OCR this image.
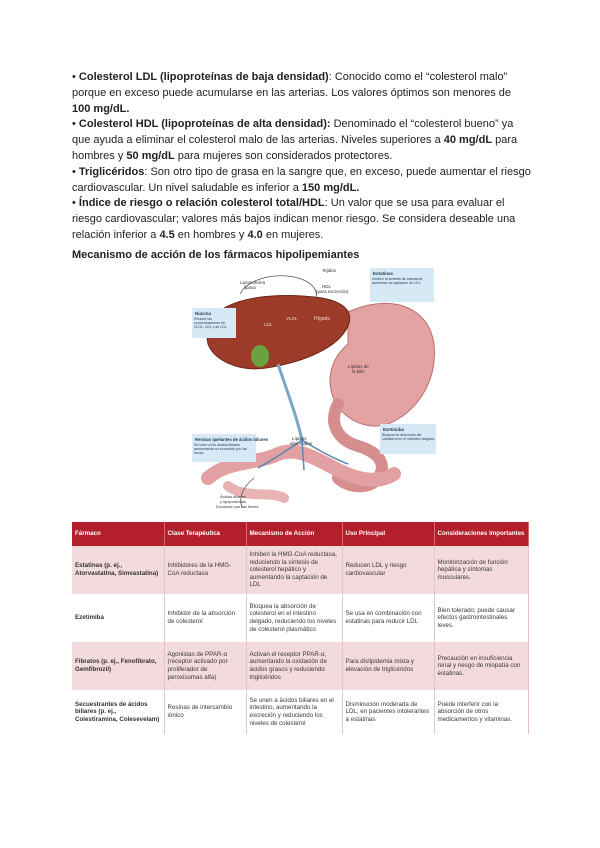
• Colesterol LDL (lipoproteínas de baja densidad): Conocido como el “colesterol malo” porque en exceso puede acumularse en las arterias. Los valores óptimos son menores de 100 mg/dL.

• Colesterol HDL (lipoproteínas de alta densidad): Denominado el “colesterol bueno” ya que ayuda a eliminar el colesterol malo de las arterias. Niveles superiores a 40 mg/dL para hombres y 50 mg/dL para mujeres son considerados protectores.

• Triglicéridos: Son otro tipo de grasa en la sangre que, en exceso, puede aumentar el riesgo cardiovascular. Un nivel saludable es inferior a 150 mg/dL.

• Índice de riesgo o relación colesterol total/HDL: Un valor que se usa para evaluar el riesgo cardiovascular; valores más bajos indican menor riesgo. Se considera deseable una relación inferior a 4.5 en hombres y 4.0 en mujeres.

Mecanismo de acción de los fármacos hipolipemiantes
Tejidos
Lipoproteína
lipasa	HDL
(para excreción)
Hígado
LDL
VLDL
Lípidos de
la bilis
Lípidos
absorbidos
Ácidos biliares
y lipoproteínas
Excreción por las heces
Estatinas
Inhiben la síntesis de colesterol; aumentan la captación de LDL
Niacina
Reduce las concentraciones de VLDL, LDL y de LDL
Resinas quelantes de ácidos biliares
Se unen a los ácidos biliares aumentando su excreción por las heces
Ezetimiba
Bloquea la absorción del colesterol en el intestino delgado
Fármaco	Clase Terapéutica	Mecanismo de Acción	Uso Principal	Consideraciones Importantes
Estatinas (p. ej., Atorvastatina, Simvastatina)	Inhibidores de la HMG-CoA reductasa	Inhiben la HMG-CoA reductasa, reduciendo la síntesis de colesterol hepático y aumentando la captación de LDL	Reducen LDL y riesgo cardiovascular	Monitorización de función hepática y síntomas musculares.
Ezetimiba	Inhibidor de la absorción de colesterol	Bloquea la absorción de colesterol en el intestino delgado, reduciendo los niveles de colesterol plasmático	Se usa en combinación con estatinas para reducir LDL	Bien tolerado; puede causar efectos gastrointestinales leves.
Fibratos (p. ej., Fenofibrato, Gemfibrozil)	Agonistas de PPAR-α (receptor activado por proliferador de peroxisomas alfa)	Activan el receptor PPAR-α, aumentando la oxidación de ácidos grasos y reduciendo triglicéridos	Para dislipidemia mixta y elevación de triglicéridos	Precaución en insuficiencia renal y riesgo de miopatía con estatinas.
Secuestrantes de ácidos biliares (p. ej., Colestiramina, Colesevelam)	Resinas de intercambio iónico	Se unen a ácidos biliares en el intestino, aumentando la excreción y reduciendo los niveles de colesterol	Disminución moderada de LDL; en pacientes intolerantes a estatinas	Puede interferir con la absorción de otros medicamentos y vitaminas.
